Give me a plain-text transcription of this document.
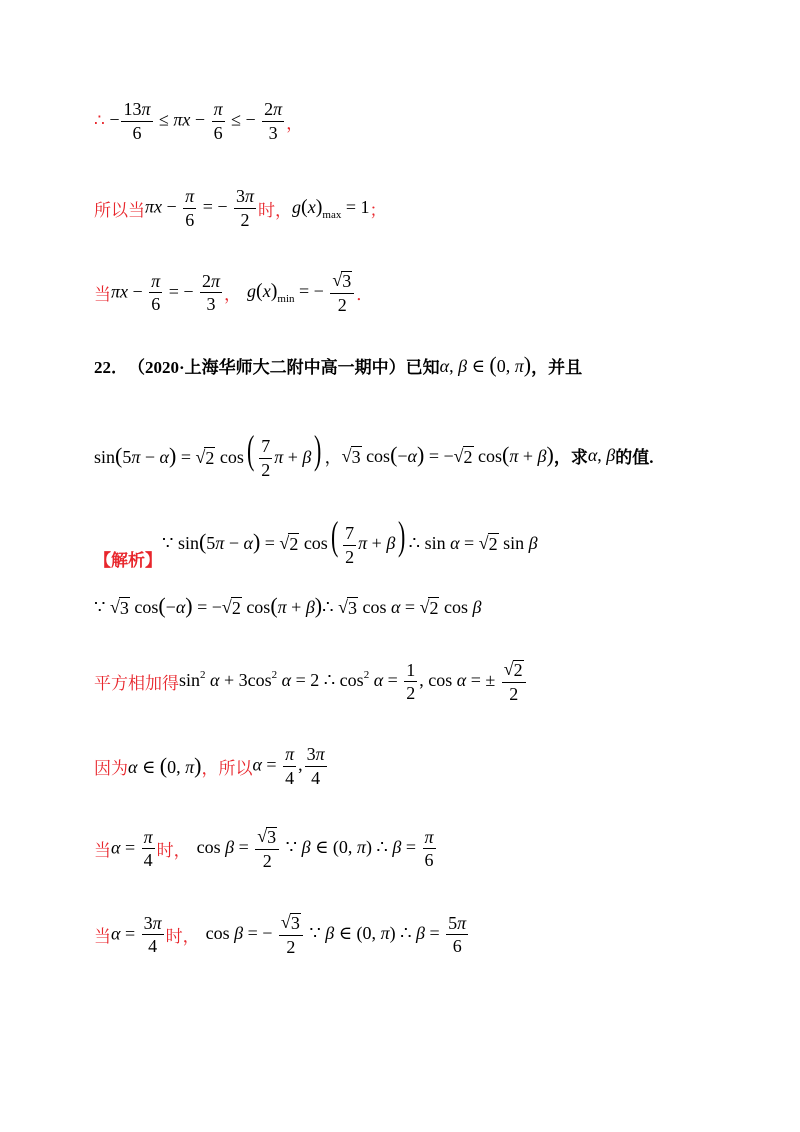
∴ − $\frac{13\pi}{6} \le \pi x - \frac{\pi}{6}$ ≤ − $\frac{2\pi}{3}$ ，
所以当 $\pi x - \frac{\pi}{6}$ = − $\frac{3\pi}{2}$ 时， $g(x)_{max} = 1$ ；
当 $\pi x - \frac{\pi}{6}$ = − $\frac{2\pi}{3}$ ， $g(x)_{min}$ = − $\frac{√ 3}{2}$ ．
22． （2020·上海华师大二附中高一期中）已知 α, β ∈ (0, π) ，并且
sin(5π − α) = √ 2 $\cos( \frac{7}{2}$ π + β) ， √ 3 cos(−α) = −√ 2 cos(π + β) ，求 α, β 的值.
【解析】
∵ sin(5π − α) = √ 2 $\cos( \frac{7}{2}$ π + β) ∴ sin α = √ 2 sin β
∵ √ 3 cos(−α) = −√ 2 cos(π + β)∴ √ 3 cos α = √ 2 cos β
平方相加得 $\sin^2 \alpha + 3\cos^2$ α = 2 ∴ $\cos^2 \alpha = \frac{1}{2}$ , cos α = ± $\frac{√ 2}{2}$
因为 α ∈ (0, π) ，所以 $\alpha = \frac{\pi}{4}$ , $\frac{3\pi}{4}$
当 $\alpha = \frac{\pi}{4}$ 时， $\cos \beta = \frac{√ 3}{2}$ ∵ β ∈ (0, π) ∴ $\beta = \frac{\pi}{6}$
当 $\alpha = \frac{3\pi}{4}$ 时， cos β = − $\frac{√ 3}{2}$ ∵ β ∈ (0, π) ∴ $\beta = \frac{5\pi}{6}$
